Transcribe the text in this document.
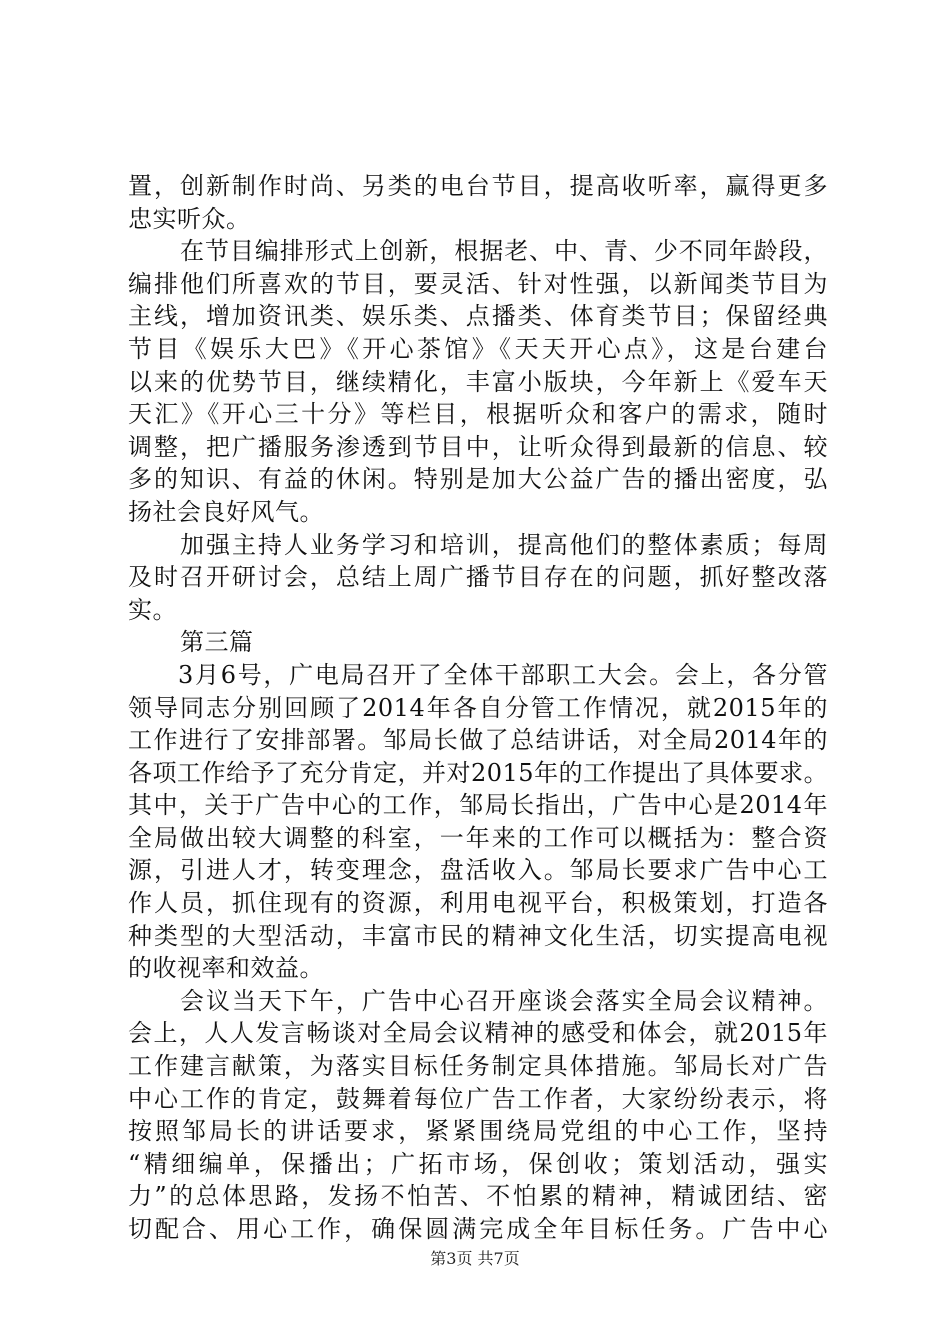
置，创新制作时尚、另类的电台节目，提高收听率，赢得更多
忠实听众。
在节目编排形式上创新，根据老、中、青、少不同年龄段，
编排他们所喜欢的节目，要灵活、针对性强，以新闻类节目为
主线，增加资讯类、娱乐类、点播类、体育类节目；保留经典
节目《娱乐大巴》《开心茶馆》《天天开心点》，这是台建台
以来的优势节目，继续精化，丰富小版块，今年新上《爱车天
天汇》《开心三十分》等栏目，根据听众和客户的需求，随时
调整，把广播服务渗透到节目中，让听众得到最新的信息、较
多的知识、有益的休闲。特别是加大公益广告的播出密度，弘
扬社会良好风气。
加强主持人业务学习和培训，提高他们的整体素质；每周
及时召开研讨会，总结上周广播节目存在的问题，抓好整改落
实。
第三篇
3月6号，广电局召开了全体干部职工大会。会上，各分管
领导同志分别回顾了2014年各自分管工作情况，就2015年的
工作进行了安排部署。邹局长做了总结讲话，对全局2014年的
各项工作给予了充分肯定，并对2015年的工作提出了具体要求。
其中，关于广告中心的工作，邹局长指出，广告中心是2014年
全局做出较大调整的科室，一年来的工作可以概括为：整合资
源，引进人才，转变理念，盘活收入。邹局长要求广告中心工
作人员，抓住现有的资源，利用电视平台，积极策划，打造各
种类型的大型活动，丰富市民的精神文化生活，切实提高电视
的收视率和效益。
会议当天下午，广告中心召开座谈会落实全局会议精神。
会上，人人发言畅谈对全局会议精神的感受和体会，就2015年
工作建言献策，为落实目标任务制定具体措施。邹局长对广告
中心工作的肯定，鼓舞着每位广告工作者，大家纷纷表示，将
按照邹局长的讲话要求，紧紧围绕局党组的中心工作，坚持
“精细编单，保播出；广拓市场，保创收；策划活动，强实
力”的总体思路，发扬不怕苦、不怕累的精神，精诚团结、密
切配合、用心工作，确保圆满完成全年目标任务。广告中心
第3页 共7页
